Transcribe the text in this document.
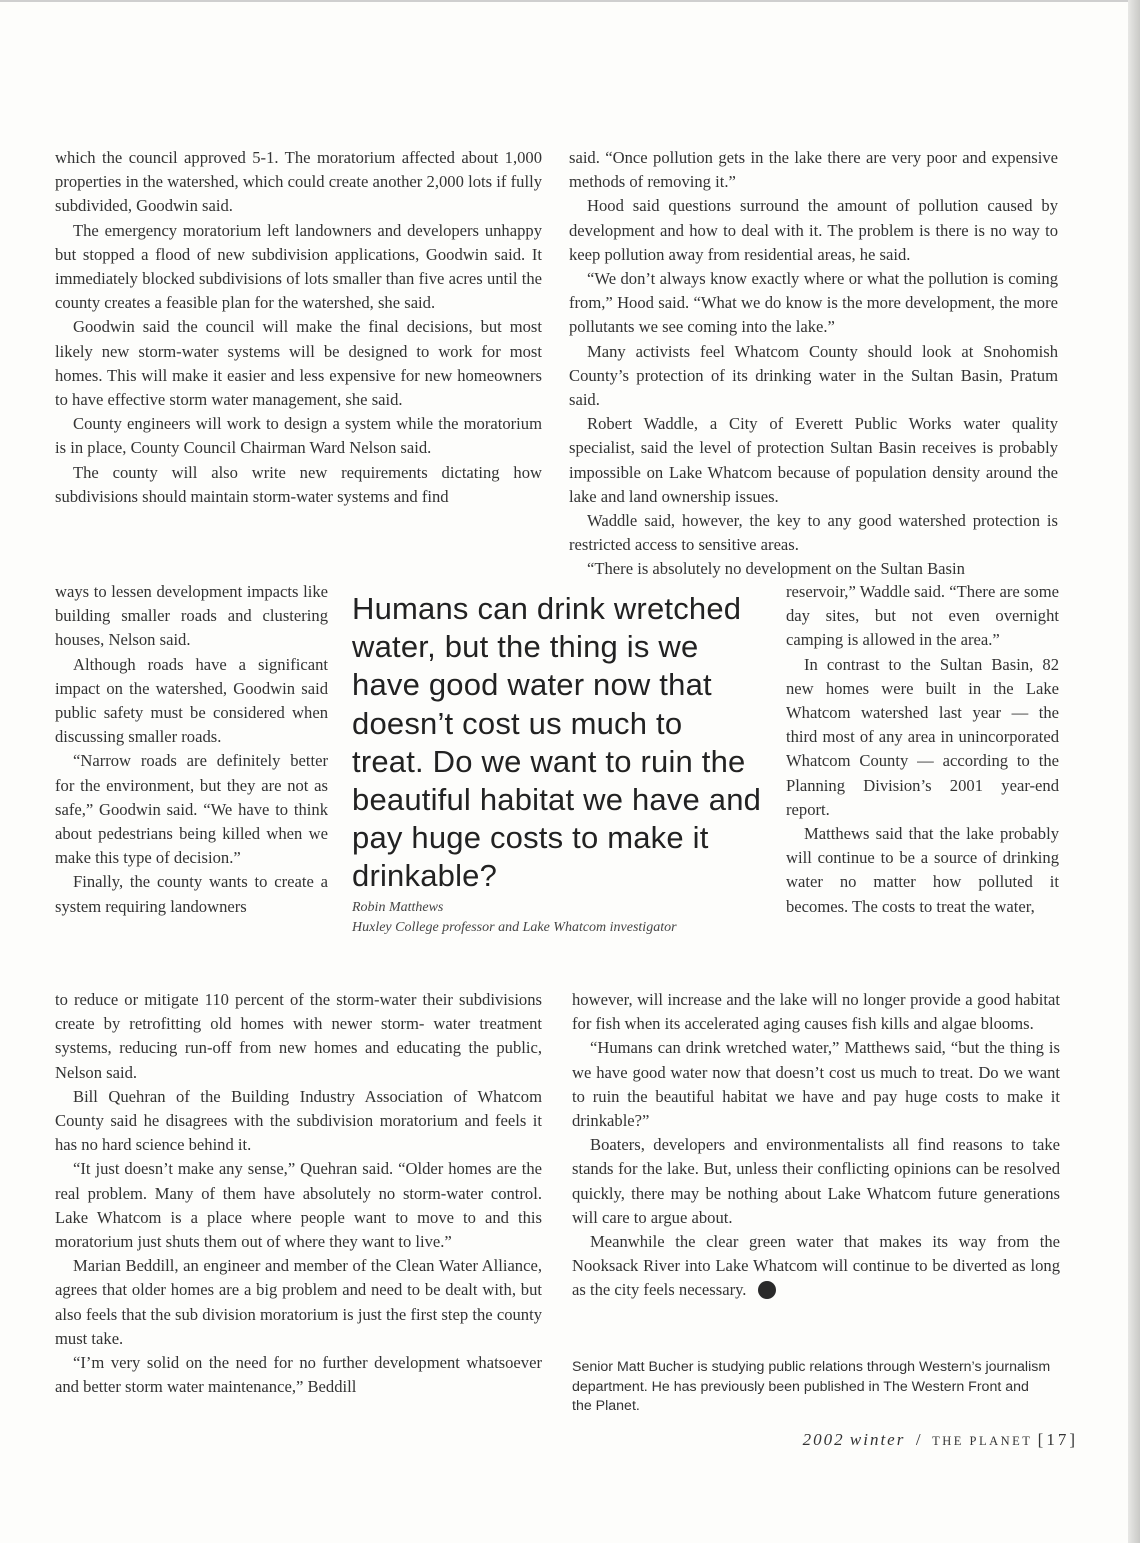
which the council approved 5-1. The moratorium affected about 1,000 properties in the watershed, which could create another 2,000 lots if fully subdivided, Goodwin said.

The emergency moratorium left landowners and developers unhappy but stopped a flood of new subdivision applications, Goodwin said. It immediately blocked subdivisions of lots smaller than five acres until the county creates a feasible plan for the watershed, she said.

Goodwin said the council will make the final decisions, but most likely new storm-water systems will be designed to work for most homes. This will make it easier and less expensive for new homeowners to have effective storm water management, she said.

County engineers will work to design a system while the moratorium is in place, County Council Chairman Ward Nelson said.

The county will also write new requirements dictating how subdivisions should maintain storm-water systems and find

ways to lessen development impacts like building smaller roads and clustering houses, Nelson said.

Although roads have a significant impact on the watershed, Goodwin said public safety must be considered when discussing smaller roads.

“Narrow roads are definitely better for the environment, but they are not as safe,” Goodwin said. “We have to think about pedestrians being killed when we make this type of decision.”

Finally, the county wants to create a system requiring landowners

to reduce or mitigate 110 percent of the storm-water their subdivisions create by retrofitting old homes with newer storm- water treatment systems, reducing run-off from new homes and educating the public, Nelson said.

Bill Quehran of the Building Industry Association of Whatcom County said he disagrees with the subdivision moratorium and feels it has no hard science behind it.

“It just doesn’t make any sense,” Quehran said. “Older homes are the real problem. Many of them have absolutely no storm-water control. Lake Whatcom is a place where people want to move to and this moratorium just shuts them out of where they want to live.”

Marian Beddill, an engineer and member of the Clean Water Alliance, agrees that older homes are a big problem and need to be dealt with, but also feels that the sub division moratorium is just the first step the county must take.

“I’m very solid on the need for no further development whatsoever and better storm water maintenance,” Beddill

said. “Once pollution gets in the lake there are very poor and expensive methods of removing it.”

Hood said questions surround the amount of pollution caused by development and how to deal with it. The problem is there is no way to keep pollution away from residential areas, he said.

“We don’t always know exactly where or what the pollution is coming from,” Hood said. “What we do know is the more development, the more pollutants we see coming into the lake.”

Many activists feel Whatcom County should look at Snohomish County’s protection of its drinking water in the Sultan Basin, Pratum said.

Robert Waddle, a City of Everett Public Works water quality specialist, said the level of protection Sultan Basin receives is probably impossible on Lake Whatcom because of population density around the lake and land ownership issues.

Waddle said, however, the key to any good watershed protection is restricted access to sensitive areas.

“There is absolutely no development on the Sultan Basin

reservoir,” Waddle said. “There are some day sites, but not even overnight camping is allowed in the area.”

In contrast to the Sultan Basin, 82 new homes were built in the Lake Whatcom watershed last year — the third most of any area in unincorporated Whatcom County — according to the Planning Division’s 2001 year-end report.

Matthews said that the lake probably will continue to be a source of drinking water no matter how polluted it becomes. The costs to treat the water,

however, will increase and the lake will no longer provide a good habitat for fish when its accelerated aging causes fish kills and algae blooms.

“Humans can drink wretched water,” Matthews said, “but the thing is we have good water now that doesn’t cost us much to treat. Do we want to ruin the beautiful habitat we have and pay huge costs to make it drinkable?”

Boaters, developers and environmentalists all find reasons to take stands for the lake. But, unless their conflicting opinions can be resolved quickly, there may be nothing about Lake Whatcom future generations will care to argue about.

Meanwhile the clear green water that makes its way from the Nooksack River into Lake Whatcom will continue to be diverted as long as the city feels necessary. P

Humans can drink wretched water, but the thing is we have good water now that doesn’t cost us much to treat. Do we want to ruin the beautiful habitat we have and pay huge costs to make it drinkable?

Robin Matthews

Huxley College professor and Lake Whatcom investigator

Senior Matt Bucher is studying public relations through Western’s journalism department. He has previously been published in The Western Front and the Planet.

2002 winter / THE PLANET [17]
